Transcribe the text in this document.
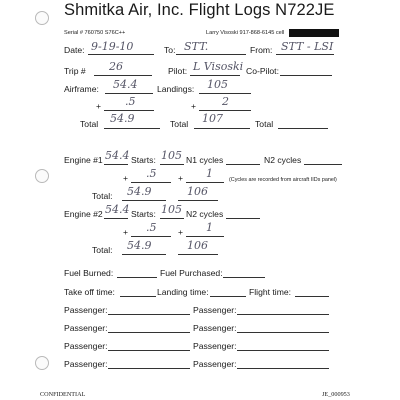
Shmitka Air, Inc. Flight Logs N722JE
Serial # 760750 S76C++	Larry Visoski 917-868-6145 cell
Date: 9-19-10	To: STT.	From: STT - LSI
Trip # 26	Pilot: L Visoski Co-Pilot:
Airframe: 54.4 Landings: 105
+ .5	+ 2
Total 54.9	Total 107	Total
Engine #1 54.4 Starts: 105 N1 cycles	N2 cycles
+ .5	+ 1	(Cycles are recorded from aircraft IIDs panel)
Total: 54.9	106
Engine #2 54.4 Starts: 105 N2 cycles
+ .5	+ 1
Total: 54.9	106
Fuel Burned:	Fuel Purchased:
Take off time:	Landing time:	Flight time:
Passenger:	Passenger:
Passenger:	Passenger:
Passenger:	Passenger:
Passenger:	Passenger:
CONFIDENTIAL	JE_000953
